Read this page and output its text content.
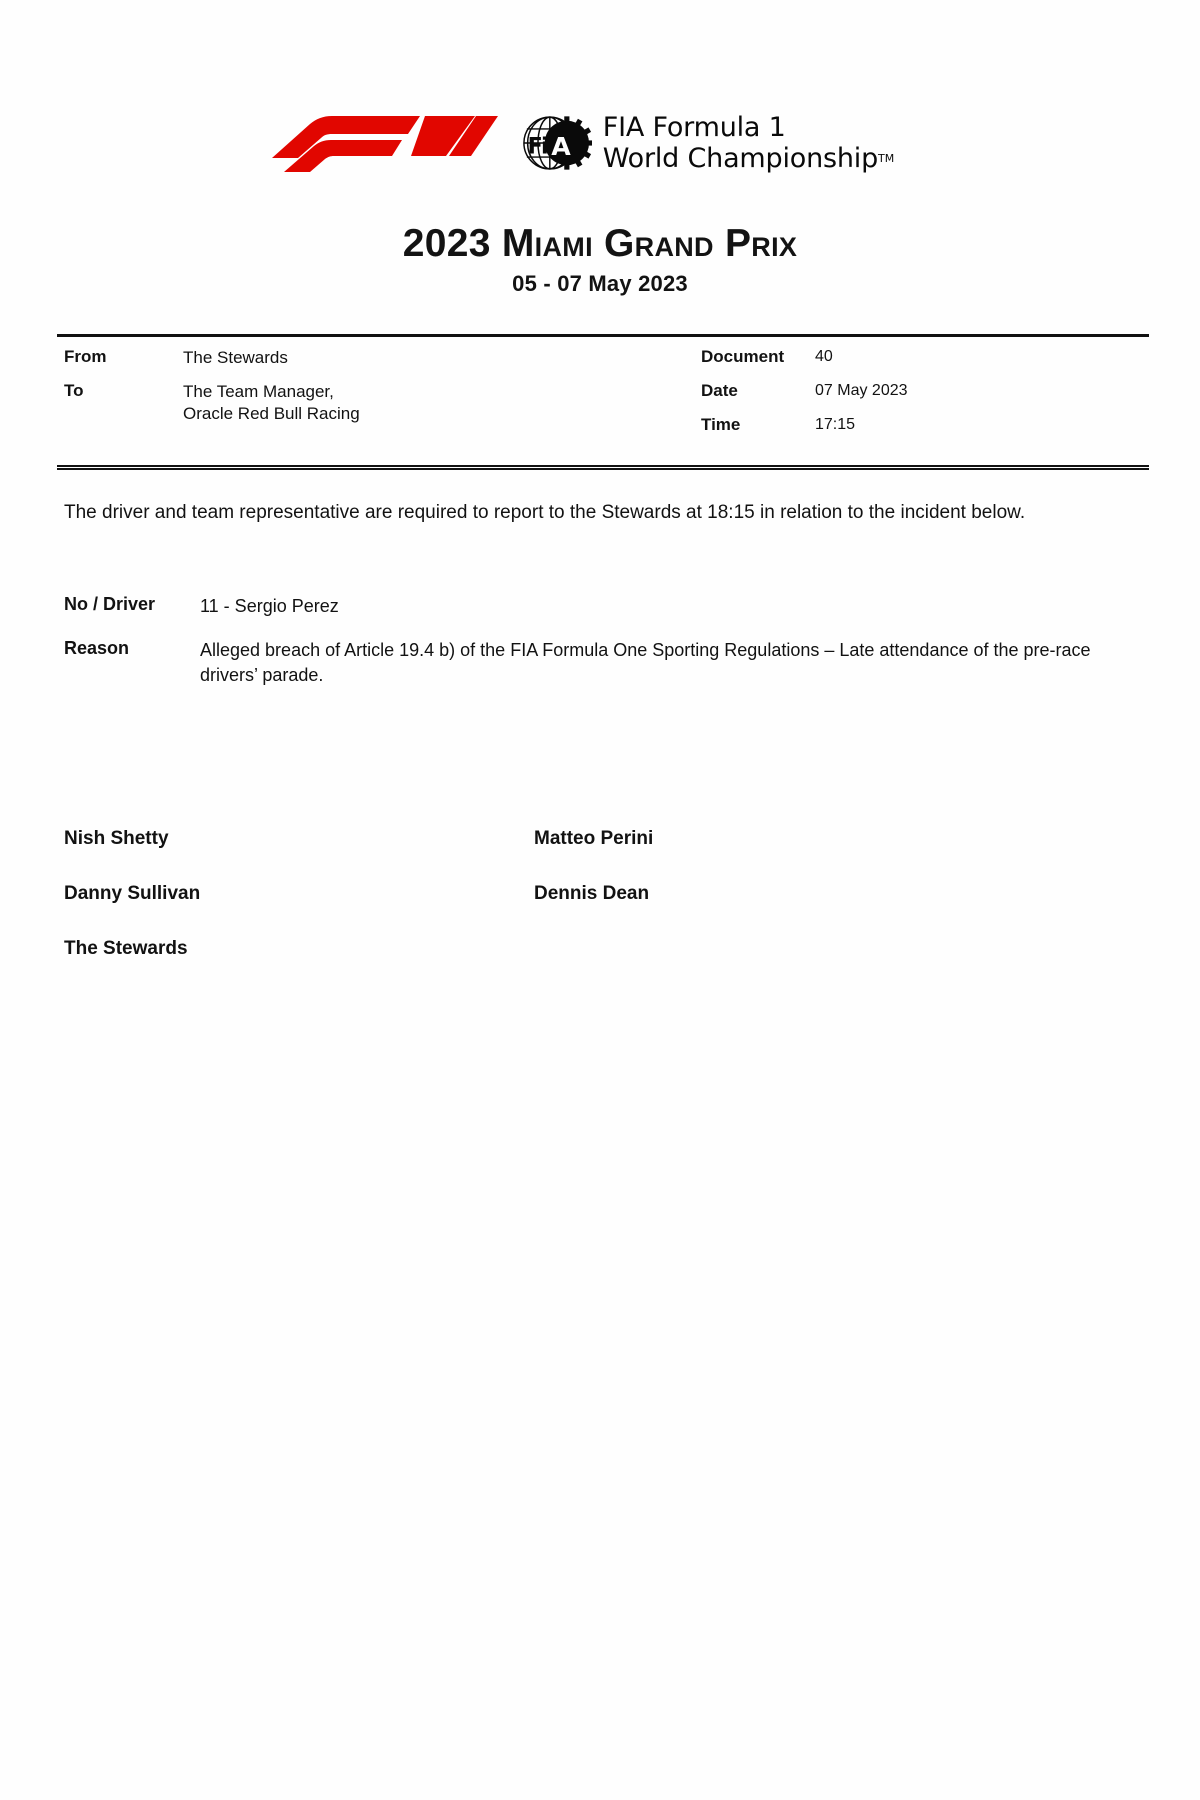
F
i A
FIA Formula 1
World ChampionshipTM
2023 Miami Grand Prix
05 - 07 May 2023
From	The Stewards
To	The Team Manager,
Oracle Red Bull Racing
Document	40
Date	07 May 2023
Time	17:15
The driver and team representative are required to report to the Stewards at 18:15 in relation to the incident below.
No / Driver	11 - Sergio Perez
Reason	Alleged breach of Article 19.4 b) of the FIA Formula One Sporting Regulations – Late attendance of the pre-race drivers’ parade.
Nish Shetty	Matteo Perini
Danny Sullivan	Dennis Dean
The Stewards
